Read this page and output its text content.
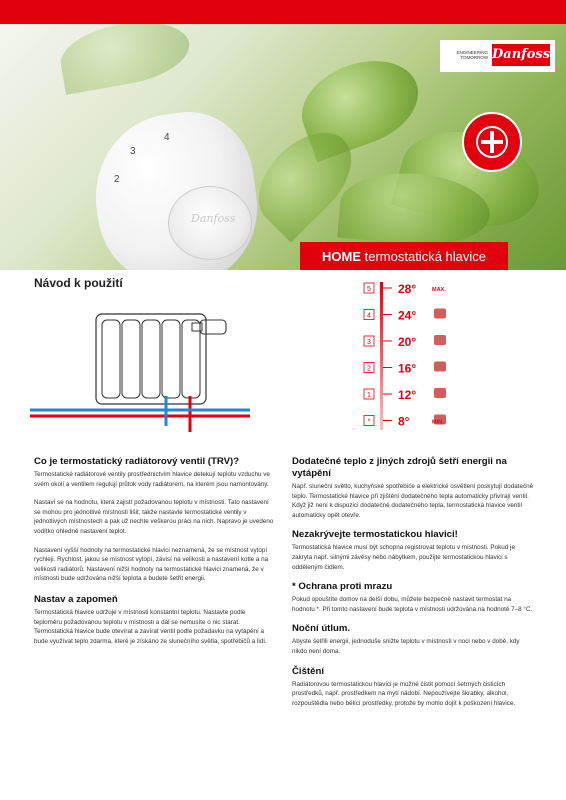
ENGINEERING
TOMORROW Danfoss
Danfoss
2
3
4
HOME termostatická hlavice
Návod k použití	5 28°	MAX.
4 24°
3 20°
2 16°
1 12°
* 8°	MIN.
Co je termostatický radiátorový ventil (TRV)?

Termostatické radiátorové ventily prostřednictvím hlavice detekují teplotu vzduchu ve svém okolí a ventilem regulují průtok vody radiátorem, na kterém jsou namontovány.

Nastaví se na hodnotu, která zajistí požadovanou teplotu v místnosti. Tato nastavení se mohou pro jednotlivé místnosti lišit, takže nastavte termostatické ventily v jednotlivých místnostech a pak už nechte veškerou práci na nich. Napravo je uvedeno vodítko ohledně nastavení teplot.

Nastavení vyšší hodnoty na termostatické hlavici neznamená, že se místnost vytopí rychleji. Rychlost, jakou se místnost vytopí, závisí na velikosti a nastavení kotle a na velikosti radiátorů. Nastavení nižší hodnoty na termostatické hlavici znamená, že v místnosti bude udržována nižší teplota a budete šetřit energii.

Nastav a zapomeň

Termostatická hlavice udržuje v místnosti konstantní teplotu. Nastavte podle teploměru požadovanou teplotu v místnosti a dál se nemusíte o nic starat. Termostatická hlavice bude otevírat a zavírat ventil podle požadavku na vytápění a bude využívat teplo zdarma, které je získáno ze slunečního světla, spotřebičů a lidí.

Dodatečné teplo z jiných zdrojů šetří energii na vytápění

Např. sluneční světlo, kuchyňské spotřebiče a elektrické osvětlení poskytují dodatečné teplo. Termostatické hlavice při zjištění dodatečného tepla automaticky přivírají ventil. Když již není k dispozici dodatečné dodatečného tepla, termostatická hlavice ventil automaticky opět otevře.

Nezakrývejte termostatickou hlavici!

Termostatická hlavice musí být schopna registrovat teplotu v místnosti. Pokud je zakryta např. silnými závěsy nebo nábytkem, použijte termostatickou hlavici s odděleným čidlem.

* Ochrana proti mrazu

Pokud opouštíte domov na delší dobu, můžete bezpečně nastavit termostat na hodnotu *. Při tomto nastavení bude teplota v místnosti udržována na hodnotě 7–8 °C.

Noční útlum.

Abyste šetřili energii, jednoduše snižte teplotu v místnosti v noci nebo v době, kdy nikdo není doma.

Čištění

Radiátorovou termostatickou hlavici je možné čistit pomocí šetrných čisticích prostředků, např. prostředkem na mytí nádobí. Nepoužívejte škrabky, alkohol, rozpouštědla nebo bělící prostředky, protože by mohlo dojít k poškození hlavice.
